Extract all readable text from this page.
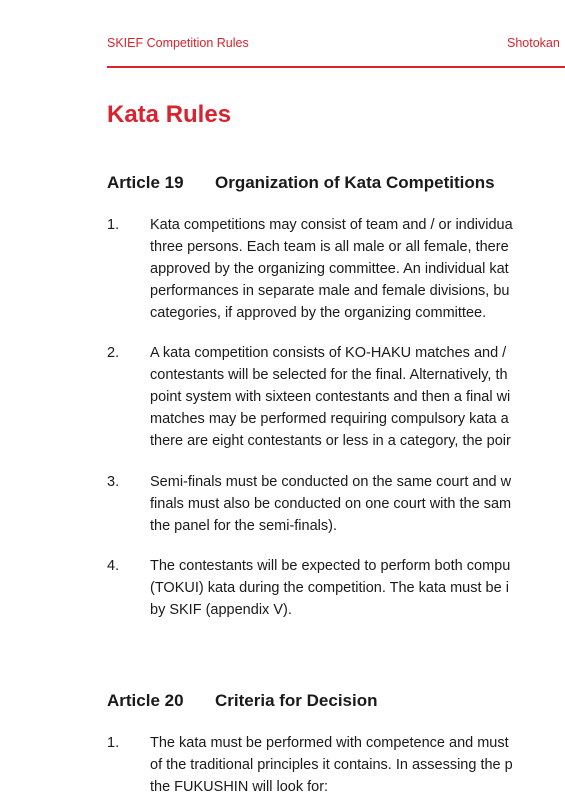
SKIEF Competition Rules	Shotokan
Kata Rules
Article 19 Organization of Kata Competitions
1. Kata competitions may consist of team and / or individua
three persons. Each team is all male or all female, there
approved by the organizing committee. An individual kat
performances in separate male and female divisions, bu
categories, if approved by the organizing committee.
2. A kata competition consists of KO-HAKU matches and /
contestants will be selected for the final. Alternatively, th
point system with sixteen contestants and then a final wi
matches may be performed requiring compulsory kata a
there are eight contestants or less in a category, the poir
3. Semi-finals must be conducted on the same court and w
finals must also be conducted on one court with the sam
the panel for the semi-finals).
4. The contestants will be expected to perform both compu
(TOKUI) kata during the competition. The kata must be i
by SKIF (appendix V).
Article 20 Criteria for Decision
1. The kata must be performed with competence and must
of the traditional principles it contains. In assessing the p
the FUKUSHIN will look for:
